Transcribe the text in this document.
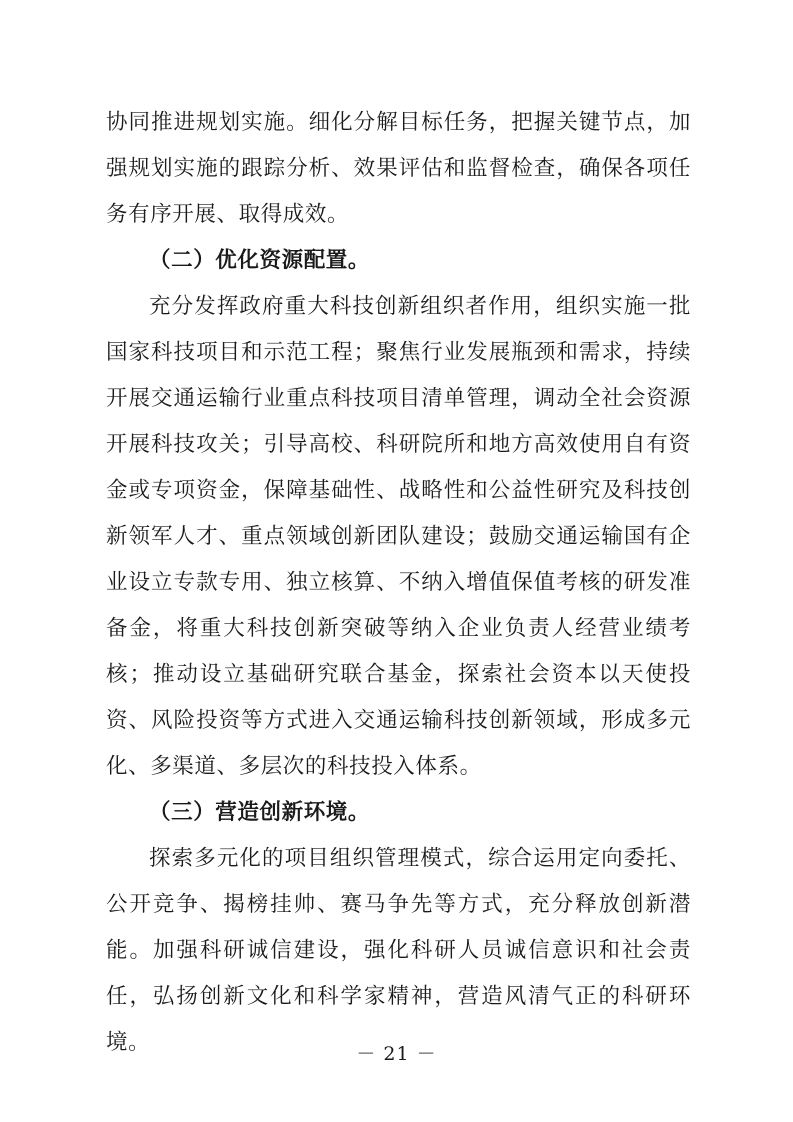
协同推进规划实施。细化分解目标任务，把握关键节点，加强规划实施的跟踪分析、效果评估和监督检查，确保各项任务有序开展、取得成效。

（二）优化资源配置。

充分发挥政府重大科技创新组织者作用，组织实施一批国家科技项目和示范工程；聚焦行业发展瓶颈和需求，持续开展交通运输行业重点科技项目清单管理，调动全社会资源开展科技攻关；引导高校、科研院所和地方高效使用自有资金或专项资金，保障基础性、战略性和公益性研究及科技创新领军人才、重点领域创新团队建设；鼓励交通运输国有企业设立专款专用、独立核算、不纳入增值保值考核的研发准备金，将重大科技创新突破等纳入企业负责人经营业绩考核；推动设立基础研究联合基金，探索社会资本以天使投资、风险投资等方式进入交通运输科技创新领域，形成多元化、多渠道、多层次的科技投入体系。

（三）营造创新环境。

探索多元化的项目组织管理模式，综合运用定向委托、公开竞争、揭榜挂帅、赛马争先等方式，充分释放创新潜能。加强科研诚信建设，强化科研人员诚信意识和社会责任，弘扬创新文化和科学家精神，营造风清气正的科研环境。	－ 21 －
